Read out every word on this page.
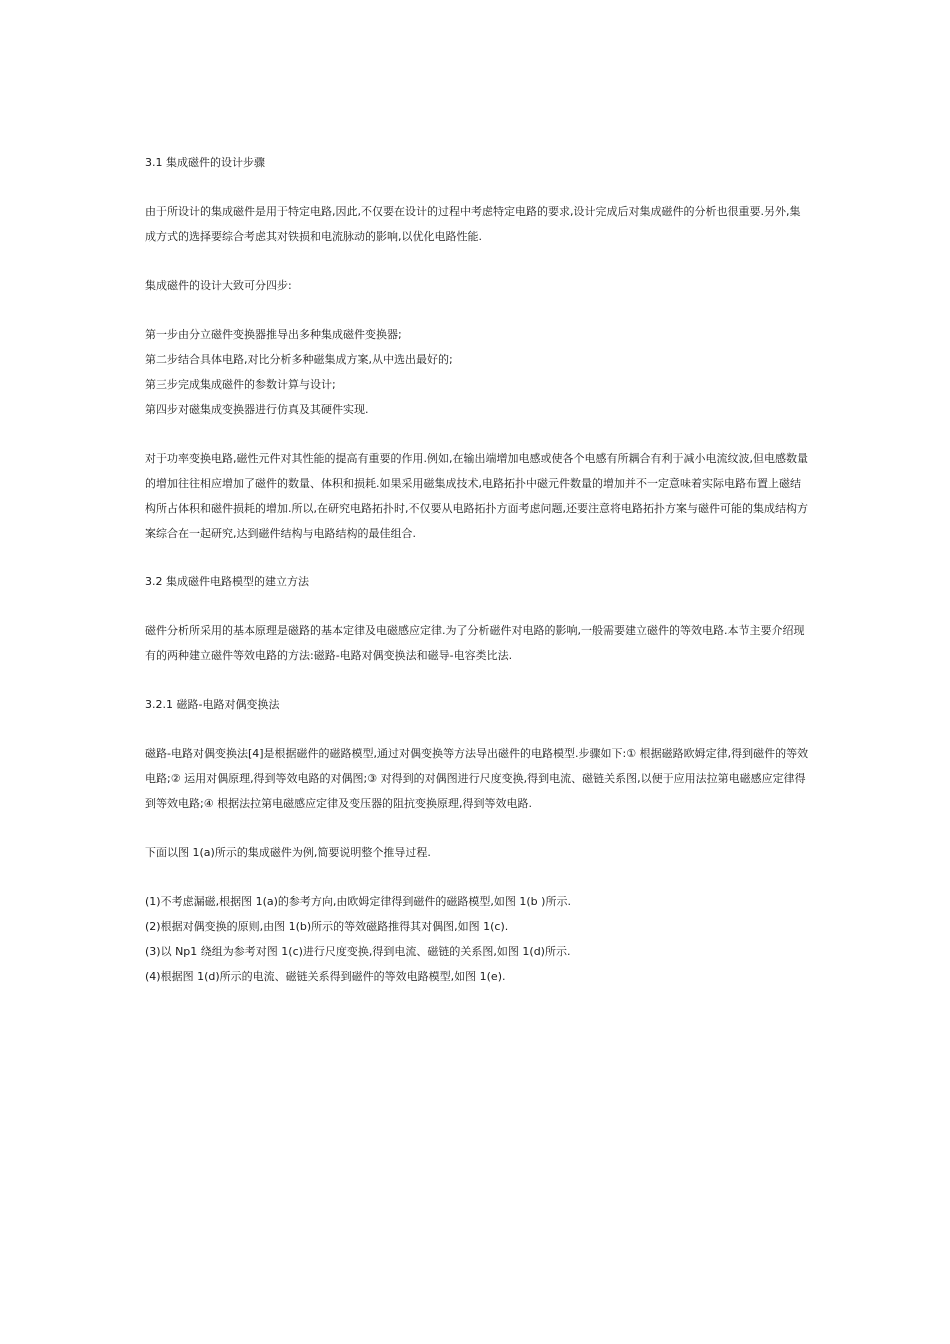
3.1 集成磁件的设计步骤

由于所设计的集成磁件是用于特定电路,因此,不仅要在设计的过程中考虑特定电路的要求,设计完成后对集成磁件的分析也很重要.另外,集成方式的选择要综合考虑其对铁损和电流脉动的影响,以优化电路性能.

集成磁件的设计大致可分四步:

第一步由分立磁件变换器推导出多种集成磁件变换器;

第二步结合具体电路,对比分析多种磁集成方案,从中选出最好的;

第三步完成集成磁件的参数计算与设计;

第四步对磁集成变换器进行仿真及其硬件实现.

对于功率变换电路,磁性元件对其性能的提高有重要的作用.例如,在输出端增加电感或使各个电感有所耦合有利于减小电流纹波,但电感数量的增加往往相应增加了磁件的数量、体积和损耗.如果采用磁集成技术,电路拓扑中磁元件数量的增加并不一定意味着实际电路布置上磁结构所占体积和磁件损耗的增加.所以,在研究电路拓扑时,不仅要从电路拓扑方面考虑问题,还要注意将电路拓扑方案与磁件可能的集成结构方案综合在一起研究,达到磁件结构与电路结构的最佳组合.

3.2 集成磁件电路模型的建立方法

磁件分析所采用的基本原理是磁路的基本定律及电磁感应定律.为了分析磁件对电路的影响,一般需要建立磁件的等效电路.本节主要介绍现有的两种建立磁件等效电路的方法:磁路-电路对偶变换法和磁导-电容类比法.

3.2.1 磁路-电路对偶变换法

磁路-电路对偶变换法[4]是根据磁件的磁路模型,通过对偶变换等方法导出磁件的电路模型.步骤如下:① 根据磁路欧姆定律,得到磁件的等效电路;② 运用对偶原理,得到等效电路的对偶图;③ 对得到的对偶图进行尺度变换,得到电流、磁链关系图,以便于应用法拉第电磁感应定律得到等效电路;④ 根据法拉第电磁感应定律及变压器的阻抗变换原理,得到等效电路.

下面以图 1(a)所示的集成磁件为例,简要说明整个推导过程.

(1)不考虑漏磁,根据图 1(a)的参考方向,由欧姆定律得到磁件的磁路模型,如图 1(b )所示.

(2)根据对偶变换的原则,由图 1(b)所示的等效磁路推得其对偶图,如图 1(c).

(3)以 Np1 绕组为参考对图 1(c)进行尺度变换,得到电流、磁链的关系图,如图 1(d)所示.

(4)根据图 1(d)所示的电流、磁链关系得到磁件的等效电路模型,如图 1(e).
